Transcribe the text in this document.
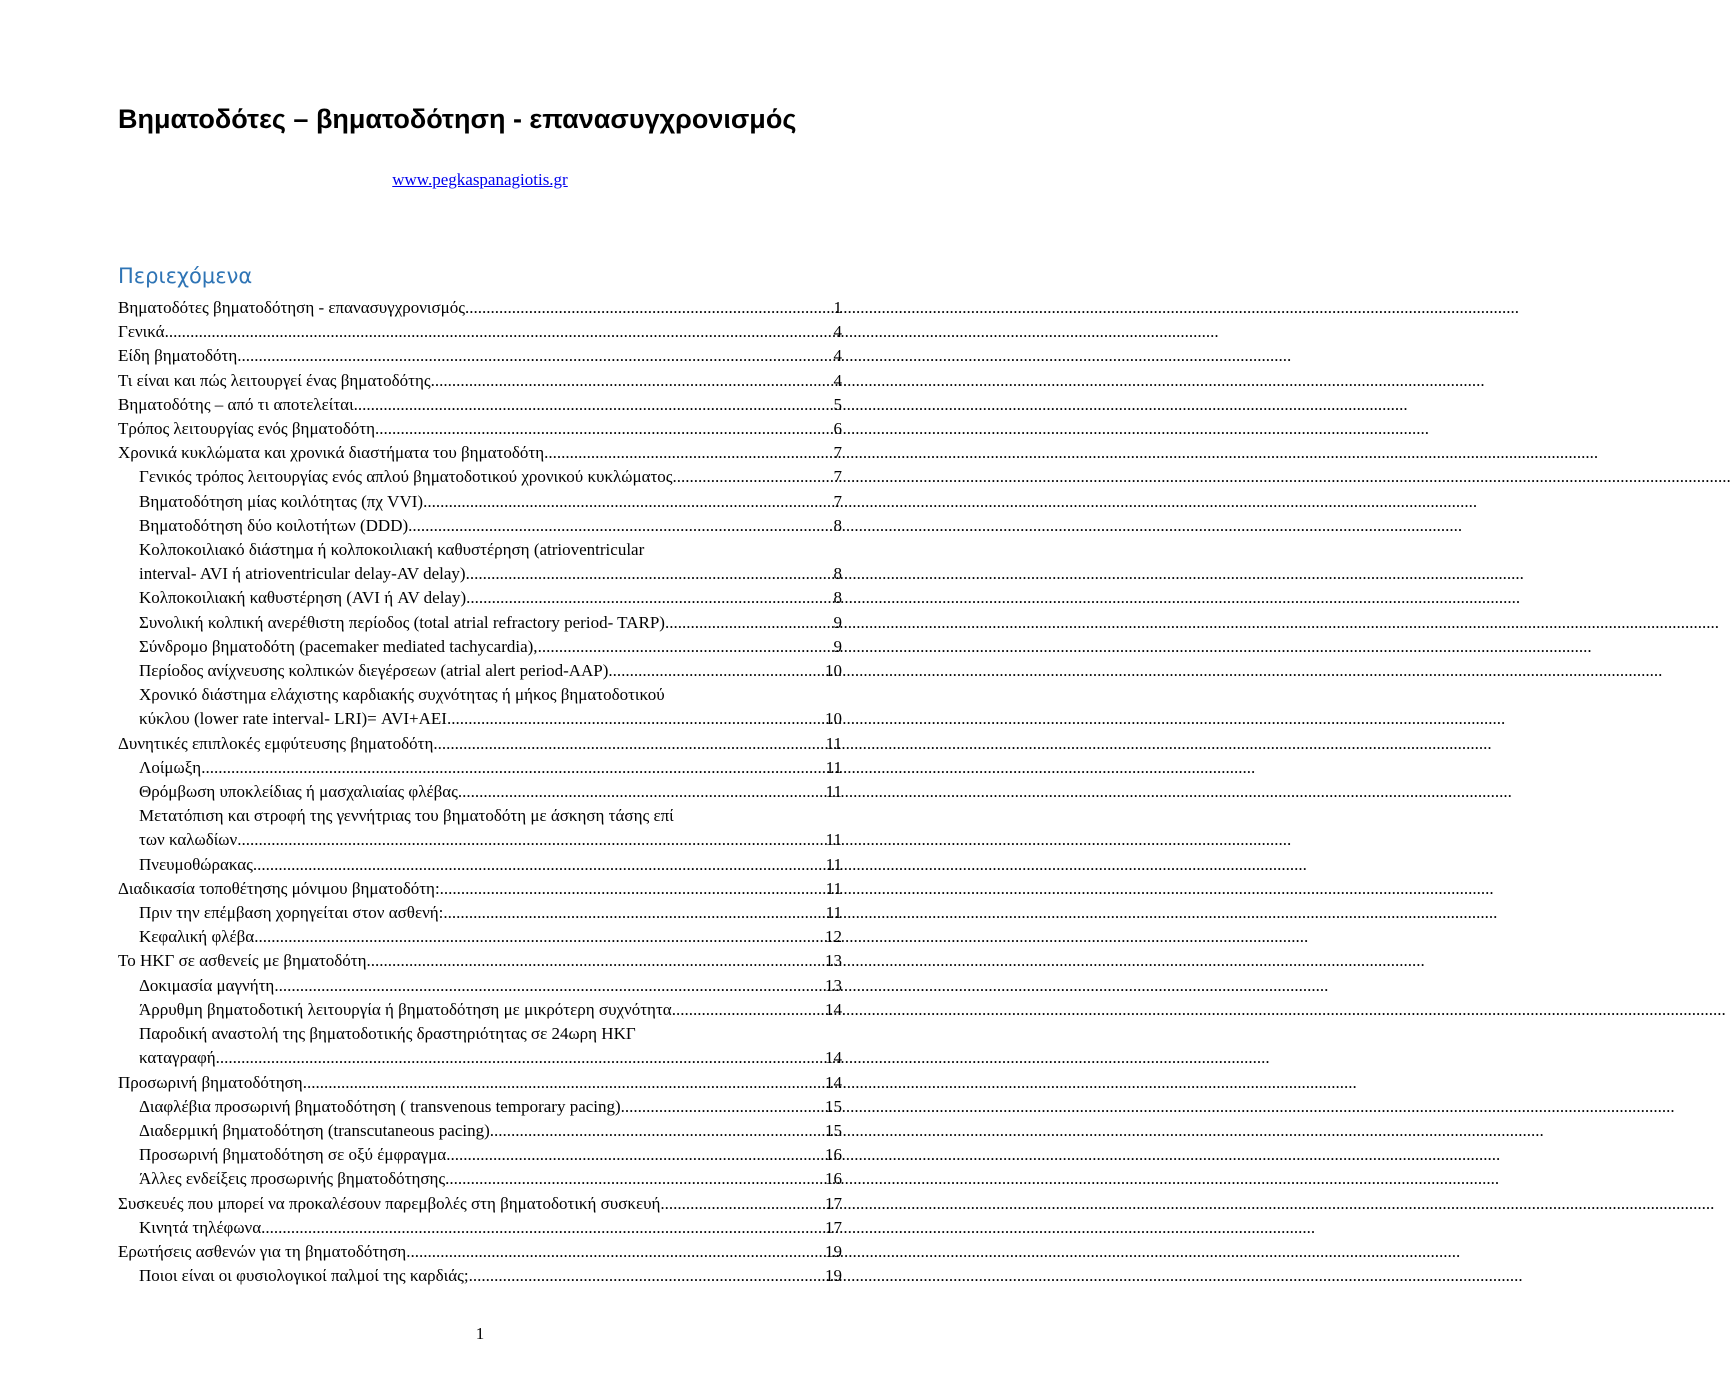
Βηματοδότες – βηματοδότηση - επανασυγχρονισμός
www.pegkaspanagiotis.gr
Περιεχόμενα
Βηματοδότες βηματοδότηση - επανασυγχρονισμός .....	1
Γενικά .....	4
Είδη βηματοδότη .....	4
Τι είναι και πώς λειτουργεί ένας βηματοδότης .....	4
Βηματοδότης – από τι αποτελείται .....	5
Τρόπος λειτουργίας ενός βηματοδότη .....	6
Χρονικά κυκλώματα και χρονικά διαστήματα του βηματοδότη .....	7
Γενικός τρόπος λειτουργίας ενός απλού βηματοδοτικού χρονικού κυκλώματος. .....	7
Βηματοδότηση μίας κοιλότητας (πχ VVI) .....	7
Βηματοδότηση δύο κοιλοτήτων (DDD) .....	8
Κολποκοιλιακό διάστημα ή κολποκοιλιακή καθυστέρηση (atrioventricular
interval- AVI ή atrioventricular delay-AV delay). .....	8
Κολποκοιλιακή καθυστέρηση (AVI ή AV delay) .....	8
Συνολική κολπική ανερέθιστη περίοδος (total atrial refractory period- TARP) .....	9
Σύνδρομο βηματοδότη (pacemaker mediated tachycardia), .....	9
Περίοδος ανίχνευσης κολπικών διεγέρσεων (atrial alert period-AAP) .....	10
Χρονικό διάστημα ελάχιστης καρδιακής συχνότητας ή μήκος βηματοδοτικού
κύκλου (lower rate interval- LRI)= AVI+AEI. .....	10
Δυνητικές επιπλοκές εμφύτευσης βηματοδότη. .....	11
Λοίμωξη .....	11
Θρόμβωση υποκλείδιας ή μασχαλιαίας φλέβας .....	11
Μετατόπιση και στροφή της γεννήτριας του βηματοδότη με άσκηση τάσης επί
των καλωδίων .....	11
Πνευμοθώρακας .....	11
Διαδικασία τοποθέτησης μόνιμου βηματοδότη: .....	11
Πριν την επέμβαση χορηγείται στον ασθενή: .....	11
Κεφαλική φλέβα .....	12
Το ΗΚΓ σε ασθενείς με βηματοδότη. .....	13
Δοκιμασία μαγνήτη .....	13
Άρρυθμη βηματοδοτική λειτουργία ή βηματοδότηση με μικρότερη συχνότητα .....	14
Παροδική αναστολή της βηματοδοτικής δραστηριότητας σε 24ωρη ΗΚΓ
καταγραφή .....	14
Προσωρινή βηματοδότηση .....	14
Διαφλέβια προσωρινή βηματοδότηση ( transvenous temporary pacing) .....	15
Διαδερμική βηματοδότηση (transcutaneous pacing) .....	15
Προσωρινή βηματοδότηση σε οξύ έμφραγμα .....	16
Άλλες ενδείξεις προσωρινής βηματοδότησης .....	16
Συσκευές που μπορεί να προκαλέσουν παρεμβολές στη βηματοδοτική συσκευή .....	17
Κινητά τηλέφωνα .....	17
Ερωτήσεις ασθενών για τη βηματοδότηση .....	19
Ποιοι είναι οι φυσιολογικοί παλμοί της καρδιάς; .....	19
1
